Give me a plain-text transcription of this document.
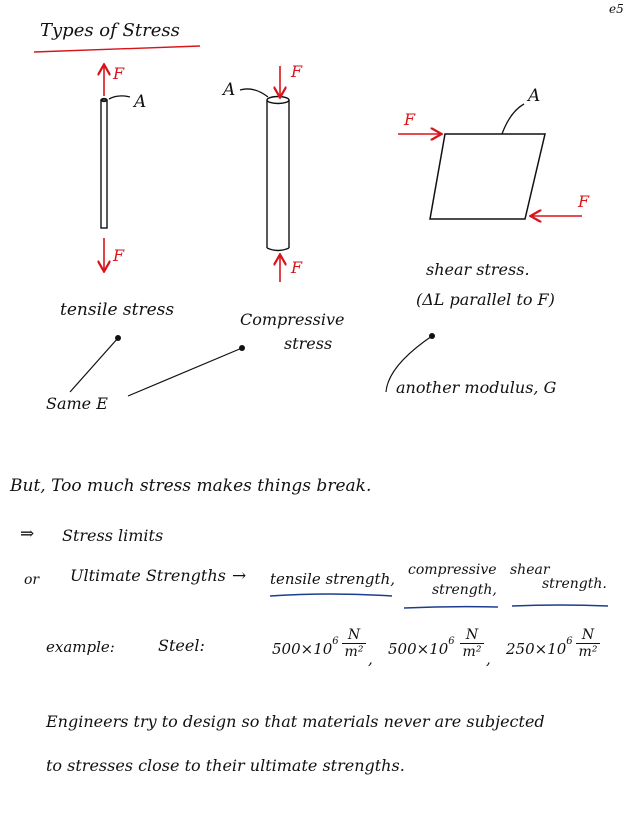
e5
Types of Stress
F
F
A
F
F
A
F
F
A
tensile stress	Compressive
stress
shear stress.
(ΔL parallel to F)
Same E
another modulus, G
But, Too much stress makes things break.
⇒ Stress limits
or Ultimate Strengths → tensile strength, compressive
strength,
shear
strength.
example:	Steel:	$500\times 10^6$ N
m² ,
$500\times 10^6$ N
m² ,
$250\times 10^6$ N
m²
Engineers try to design so that materials never are subjected
to stresses close to their ultimate strengths.
